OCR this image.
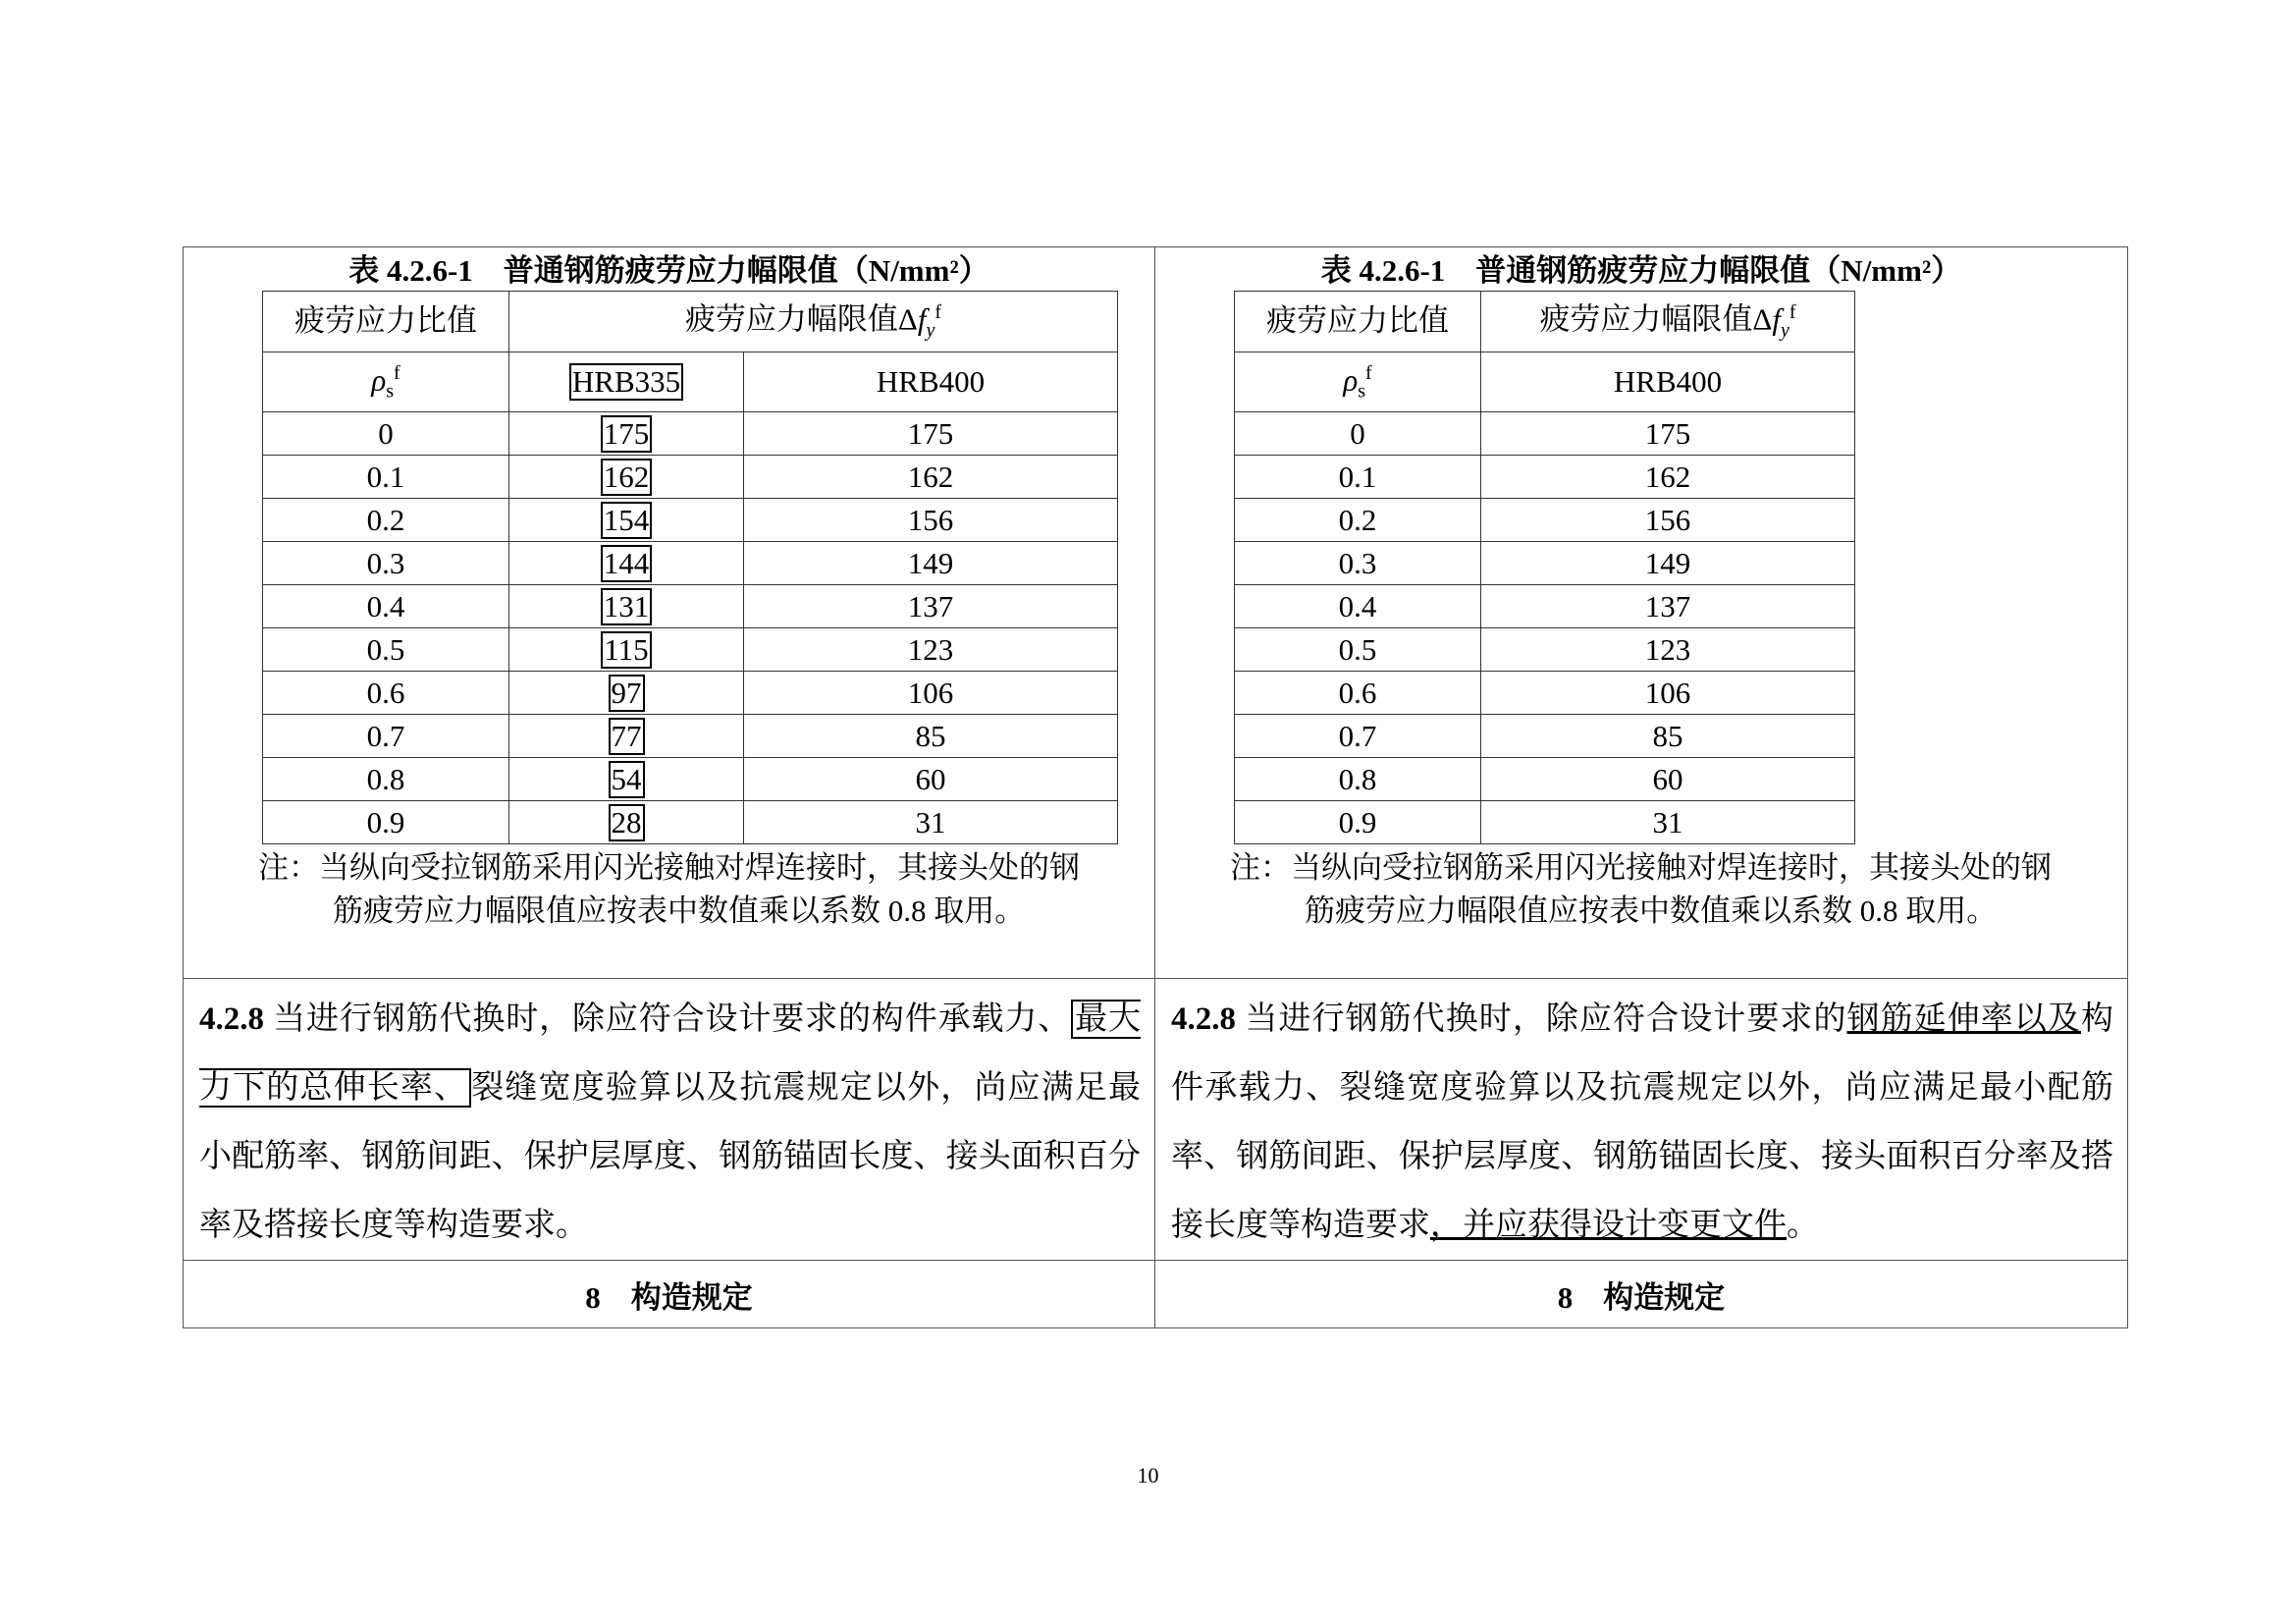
表 4.2.6-1　普通钢筋疲劳应力幅限值（N/mm²）
疲劳应力比值	疲劳应力幅限值$\Delta f_y^f$
$\rho_s^f$	HRB335	HRB400
0	175	175
0.1	162	162
0.2	154	156
0.3	144	149
0.4	131	137
0.5	115	123
0.6	97	106
0.7	77	85
0.8	54	60
0.9	28	31
注：当纵向受拉钢筋采用闪光接触对焊连接时，其接头处的钢
筋疲劳应力幅限值应按表中数值乘以系数 0.8 取用。

表 4.2.6-1　普通钢筋疲劳应力幅限值（N/mm²）
疲劳应力比值	疲劳应力幅限值$\Delta f_y^f$
$\rho_s^f$	HRB400
0	175
0.1	162
0.2	156
0.3	149
0.4	137
0.5	123
0.6	106
0.7	85
0.8	60
0.9	31
注：当纵向受拉钢筋采用闪光接触对焊连接时，其接头处的钢
筋疲劳应力幅限值应按表中数值乘以系数 0.8 取用。

4.2.8 当进行钢筋代换时，除应符合设计要求的构件承载力、 最大力下的总伸长率、 裂缝宽度验算以及抗震规定以外，尚应满足最小配筋率、钢筋间距、保护层厚度、钢筋锚固长度、接头面积百分率及搭接长度等构造要求。

4.2.8 当进行钢筋代换时，除应符合设计要求的钢筋延伸率以及构件承载力、裂缝宽度验算以及抗震规定以外，尚应满足最小配筋率、钢筋间距、保护层厚度、钢筋锚固长度、接头面积百分率及搭接长度等构造要求，并应获得设计变更文件。

8　构造规定	8　构造规定
10
